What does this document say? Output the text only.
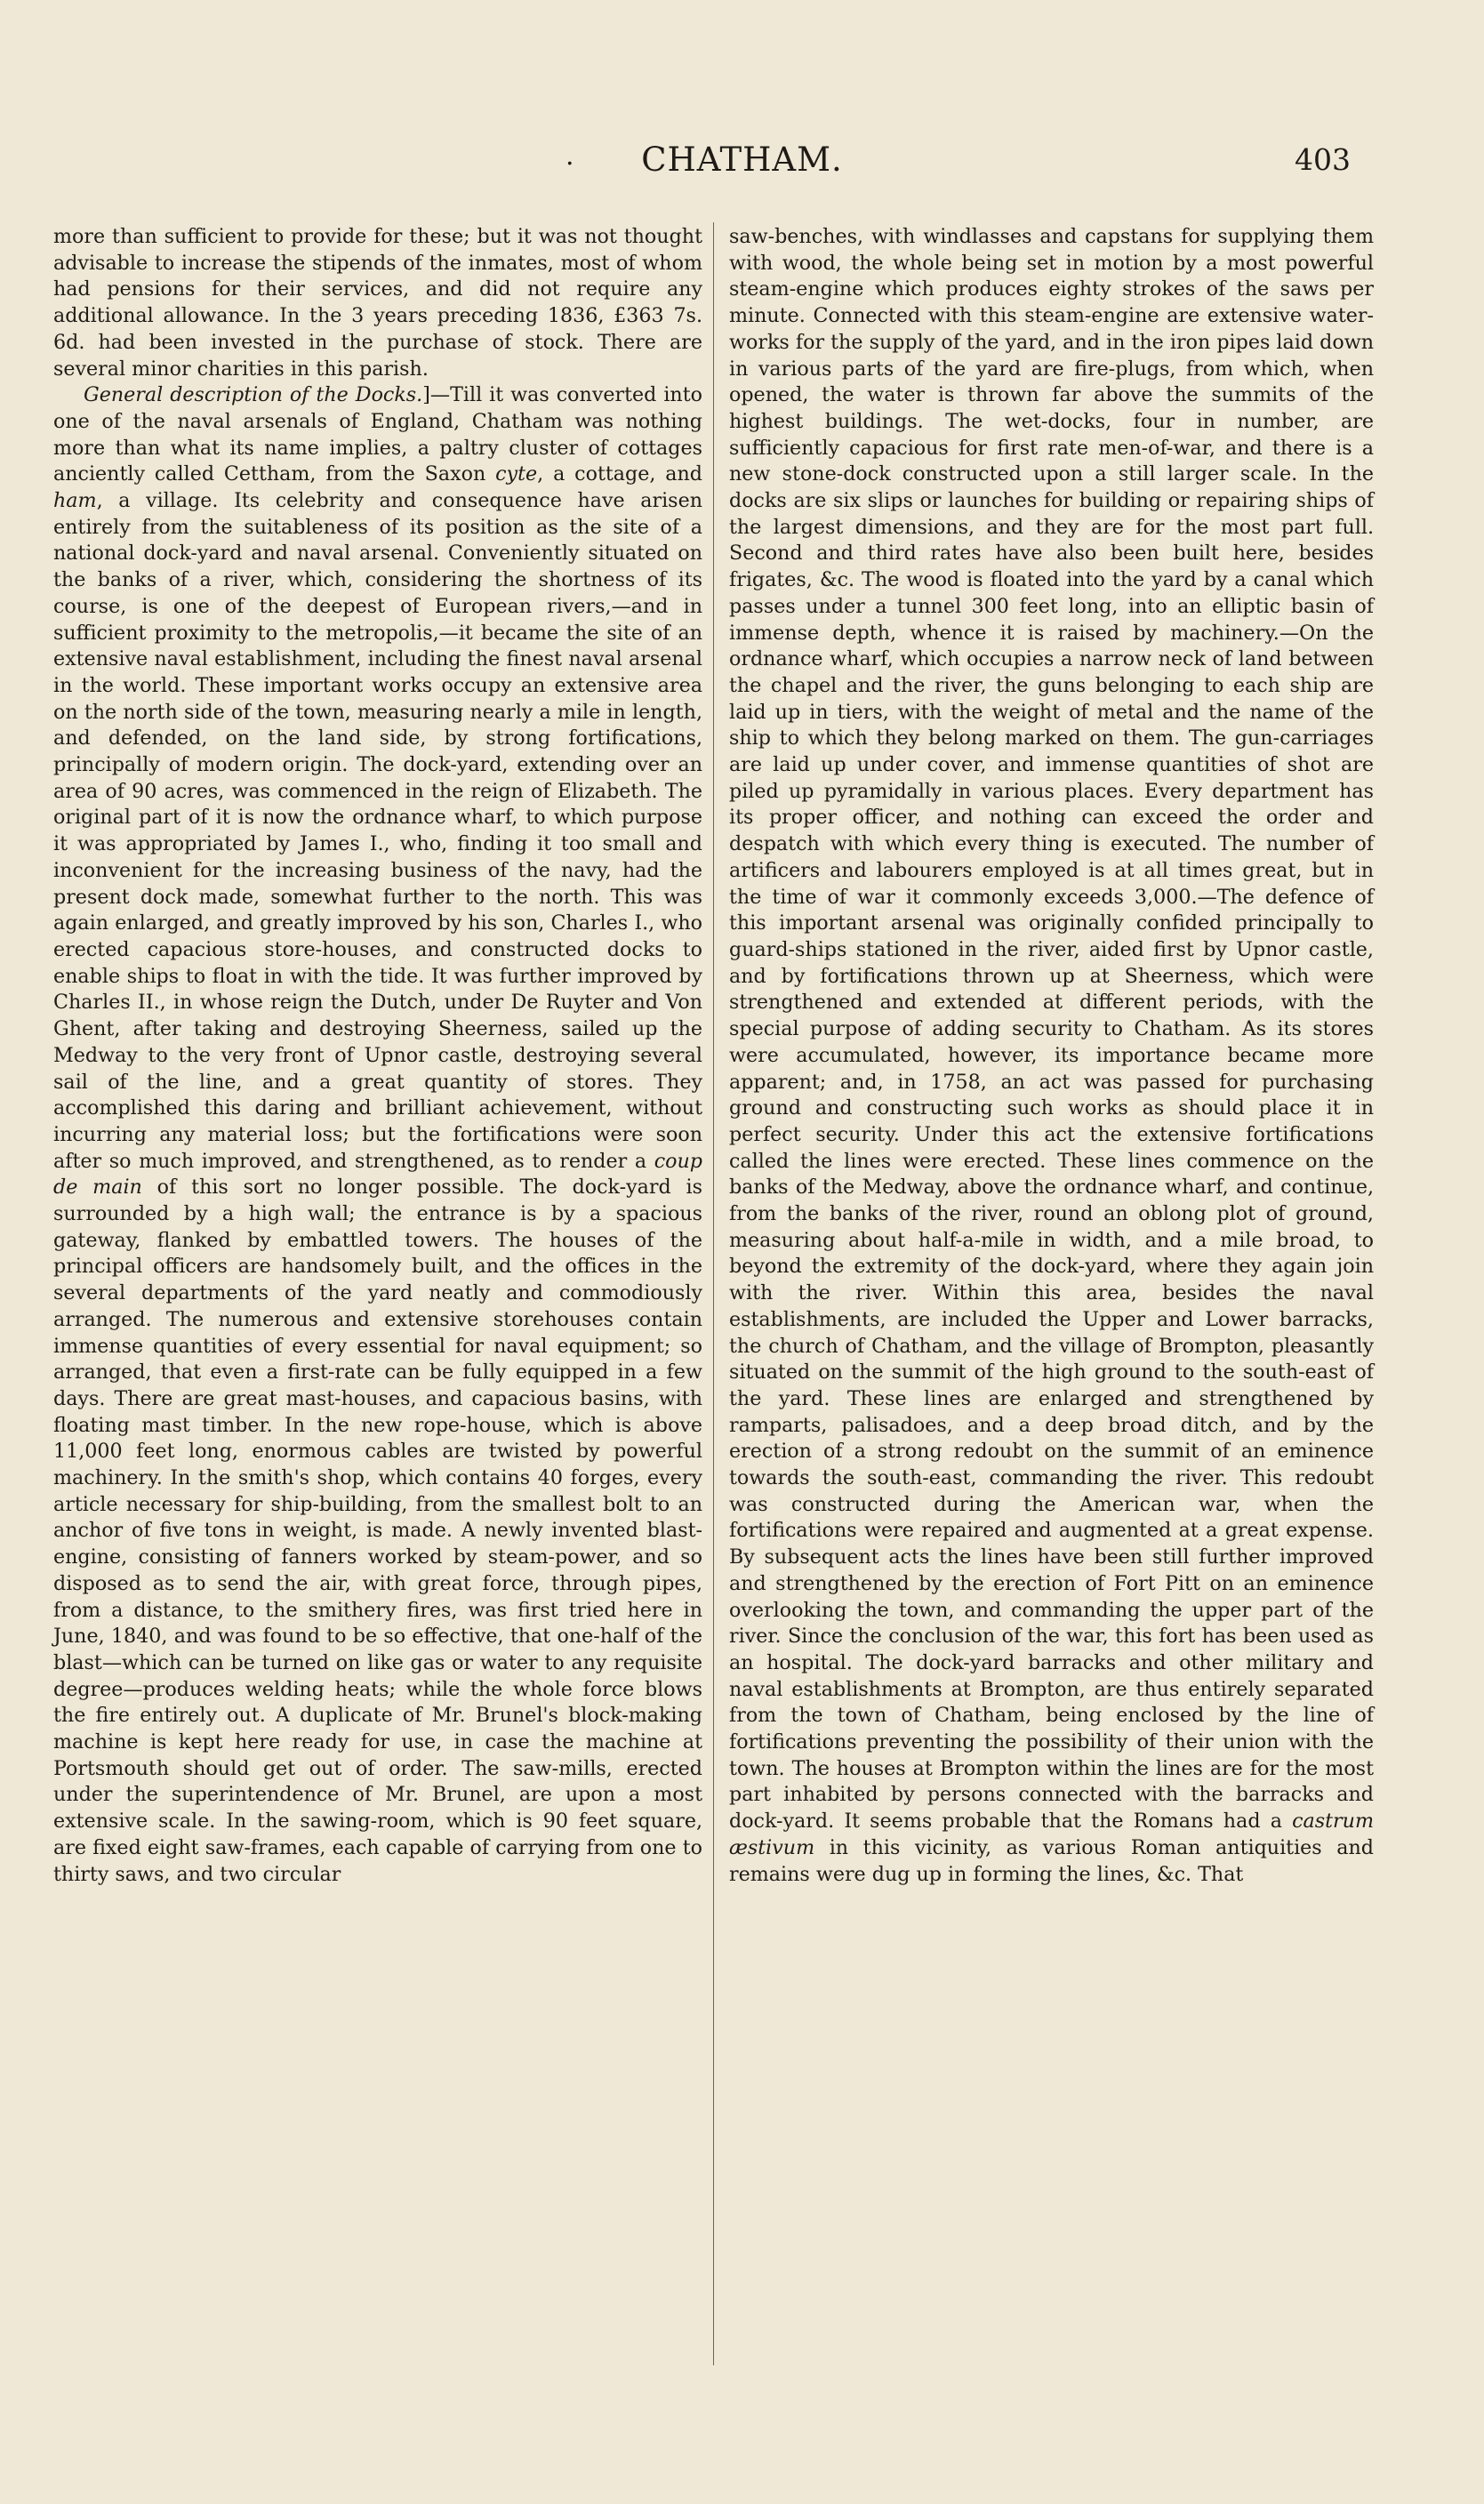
.	CHATHAM.	403

more than sufficient to provide for these; but it was not thought advisable to increase the stipends of the inmates, most of whom had pensions for their services, and did not require any additional allowance. In the 3 years preceding 1836, £363 7s. 6d. had been invested in the purchase of stock. There are several minor charities in this parish.

General description of the Docks.]—Till it was converted into one of the naval arsenals of England, Chatham was nothing more than what its name implies, a paltry cluster of cottages anciently called Cettham, from the Saxon cyte, a cottage, and ham, a village. Its celebrity and consequence have arisen entirely from the suitableness of its position as the site of a national dock-yard and naval arsenal. Conveniently situated on the banks of a river, which, considering the shortness of its course, is one of the deepest of European rivers,—and in sufficient proximity to the metropolis,—it became the site of an extensive naval establishment, including the finest naval arsenal in the world. These important works occupy an extensive area on the north side of the town, measuring nearly a mile in length, and defended, on the land side, by strong fortifications, principally of modern origin. The dock-yard, extending over an area of 90 acres, was commenced in the reign of Elizabeth. The original part of it is now the ordnance wharf, to which purpose it was appropriated by James I., who, finding it too small and inconvenient for the increasing business of the navy, had the present dock made, somewhat further to the north. This was again enlarged, and greatly improved by his son, Charles I., who erected capacious store-houses, and constructed docks to enable ships to float in with the tide. It was further improved by Charles II., in whose reign the Dutch, under De Ruyter and Von Ghent, after taking and destroying Sheerness, sailed up the Medway to the very front of Upnor castle, destroying several sail of the line, and a great quantity of stores. They accomplished this daring and brilliant achievement, without incurring any material loss; but the fortifications were soon after so much improved, and strengthened, as to render a coup de main of this sort no longer possible. The dock-yard is surrounded by a high wall; the entrance is by a spacious gateway, flanked by embattled towers. The houses of the principal officers are handsomely built, and the offices in the several departments of the yard neatly and commodiously arranged. The numerous and extensive storehouses contain immense quantities of every essential for naval equipment; so arranged, that even a first-rate can be fully equipped in a few days. There are great mast-houses, and capacious basins, with floating mast timber. In the new rope-house, which is above 11,000 feet long, enormous cables are twisted by powerful machinery. In the smith's shop, which contains 40 forges, every article necessary for ship-building, from the smallest bolt to an anchor of five tons in weight, is made. A newly invented blast-engine, consisting of fanners worked by steam-power, and so disposed as to send the air, with great force, through pipes, from a distance, to the smithery fires, was first tried here in June, 1840, and was found to be so effective, that one-half of the blast—which can be turned on like gas or water to any requisite degree—produces welding heats; while the whole force blows the fire entirely out. A duplicate of Mr. Brunel's block-making machine is kept here ready for use, in case the machine at Portsmouth should get out of order. The saw-mills, erected under the superintendence of Mr. Brunel, are upon a most extensive scale. In the sawing-room, which is 90 feet square, are fixed eight saw-frames, each capable of carrying from one to thirty saws, and two circular

saw-benches, with windlasses and capstans for supplying them with wood, the whole being set in motion by a most powerful steam-engine which produces eighty strokes of the saws per minute. Connected with this steam-engine are extensive water-works for the supply of the yard, and in the iron pipes laid down in various parts of the yard are fire-plugs, from which, when opened, the water is thrown far above the summits of the highest buildings. The wet-docks, four in number, are sufficiently capacious for first rate men-of-war, and there is a new stone-dock constructed upon a still larger scale. In the docks are six slips or launches for building or repairing ships of the largest dimensions, and they are for the most part full. Second and third rates have also been built here, besides frigates, &c. The wood is floated into the yard by a canal which passes under a tunnel 300 feet long, into an elliptic basin of immense depth, whence it is raised by machinery.—On the ordnance wharf, which occupies a narrow neck of land between the chapel and the river, the guns belonging to each ship are laid up in tiers, with the weight of metal and the name of the ship to which they belong marked on them. The gun-carriages are laid up under cover, and immense quantities of shot are piled up pyramidally in various places. Every department has its proper officer, and nothing can exceed the order and despatch with which every thing is executed. The number of artificers and labourers employed is at all times great, but in the time of war it commonly exceeds 3,000.—The defence of this important arsenal was originally confided principally to guard-ships stationed in the river, aided first by Upnor castle, and by fortifications thrown up at Sheerness, which were strengthened and extended at different periods, with the special purpose of adding security to Chatham. As its stores were accumulated, however, its importance became more apparent; and, in 1758, an act was passed for purchasing ground and constructing such works as should place it in perfect security. Under this act the extensive fortifications called the lines were erected. These lines commence on the banks of the Medway, above the ordnance wharf, and continue, from the banks of the river, round an oblong plot of ground, measuring about half-a-mile in width, and a mile broad, to beyond the extremity of the dock-yard, where they again join with the river. Within this area, besides the naval establishments, are included the Upper and Lower barracks, the church of Chatham, and the village of Brompton, pleasantly situated on the summit of the high ground to the south-east of the yard. These lines are enlarged and strengthened by ramparts, palisadoes, and a deep broad ditch, and by the erection of a strong redoubt on the summit of an eminence towards the south-east, commanding the river. This redoubt was constructed during the American war, when the fortifications were repaired and augmented at a great expense. By subsequent acts the lines have been still further improved and strengthened by the erection of Fort Pitt on an eminence overlooking the town, and commanding the upper part of the river. Since the conclusion of the war, this fort has been used as an hospital. The dock-yard barracks and other military and naval establishments at Brompton, are thus entirely separated from the town of Chatham, being enclosed by the line of fortifications preventing the possibility of their union with the town. The houses at Brompton within the lines are for the most part inhabited by persons connected with the barracks and dock-yard. It seems probable that the Romans had a castrum æstivum in this vicinity, as various Roman antiquities and remains were dug up in forming the lines, &c. That
